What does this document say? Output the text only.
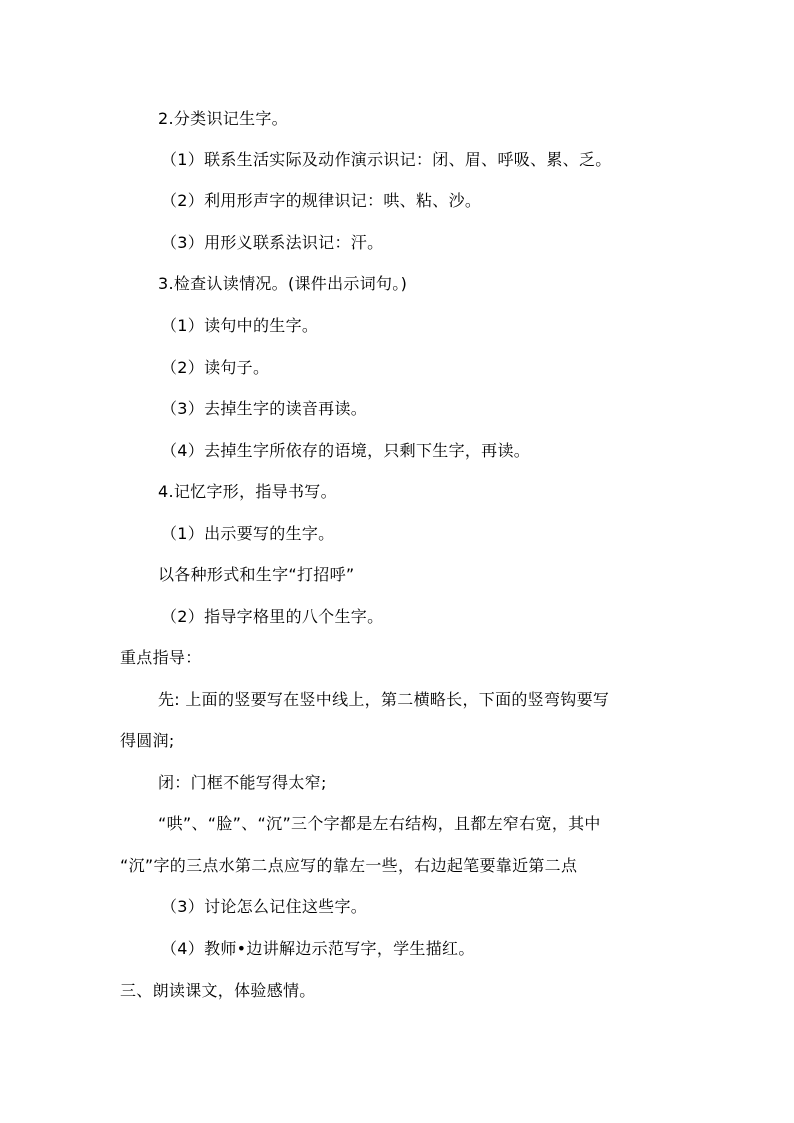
2.分类识记生字。
（1）联系生活实际及动作演示识记：闭、眉、呼吸、累、乏。
（2）利用形声字的规律识记：哄、粘、沙。
（3）用形义联系法识记：汗。
3.检查认读情况。(课件出示词句。)
（1）读句中的生字。
（2）读句子。
（3）去掉生字的读音再读。
（4）去掉生字所依存的语境，只剩下生字，再读。
4.记忆字形，指导书写。
（1）出示要写的生字。
以各种形式和生字“打招呼”
（2）指导字格里的八个生字。
重点指导：
先: 上面的竖要写在竖中线上，第二横略长，下面的竖弯钩要写
得圆润;
闭：门框不能写得太窄;
“哄”、“脸”、“沉”三个字都是左右结构，且都左窄右宽，其中
“沉”字的三点水第二点应写的靠左一些，右边起笔要靠近第二点
（3）讨论怎么记住这些字。
（4）教师•边讲解边示范写字，学生描红。
三、朗读课文，体验感情。
